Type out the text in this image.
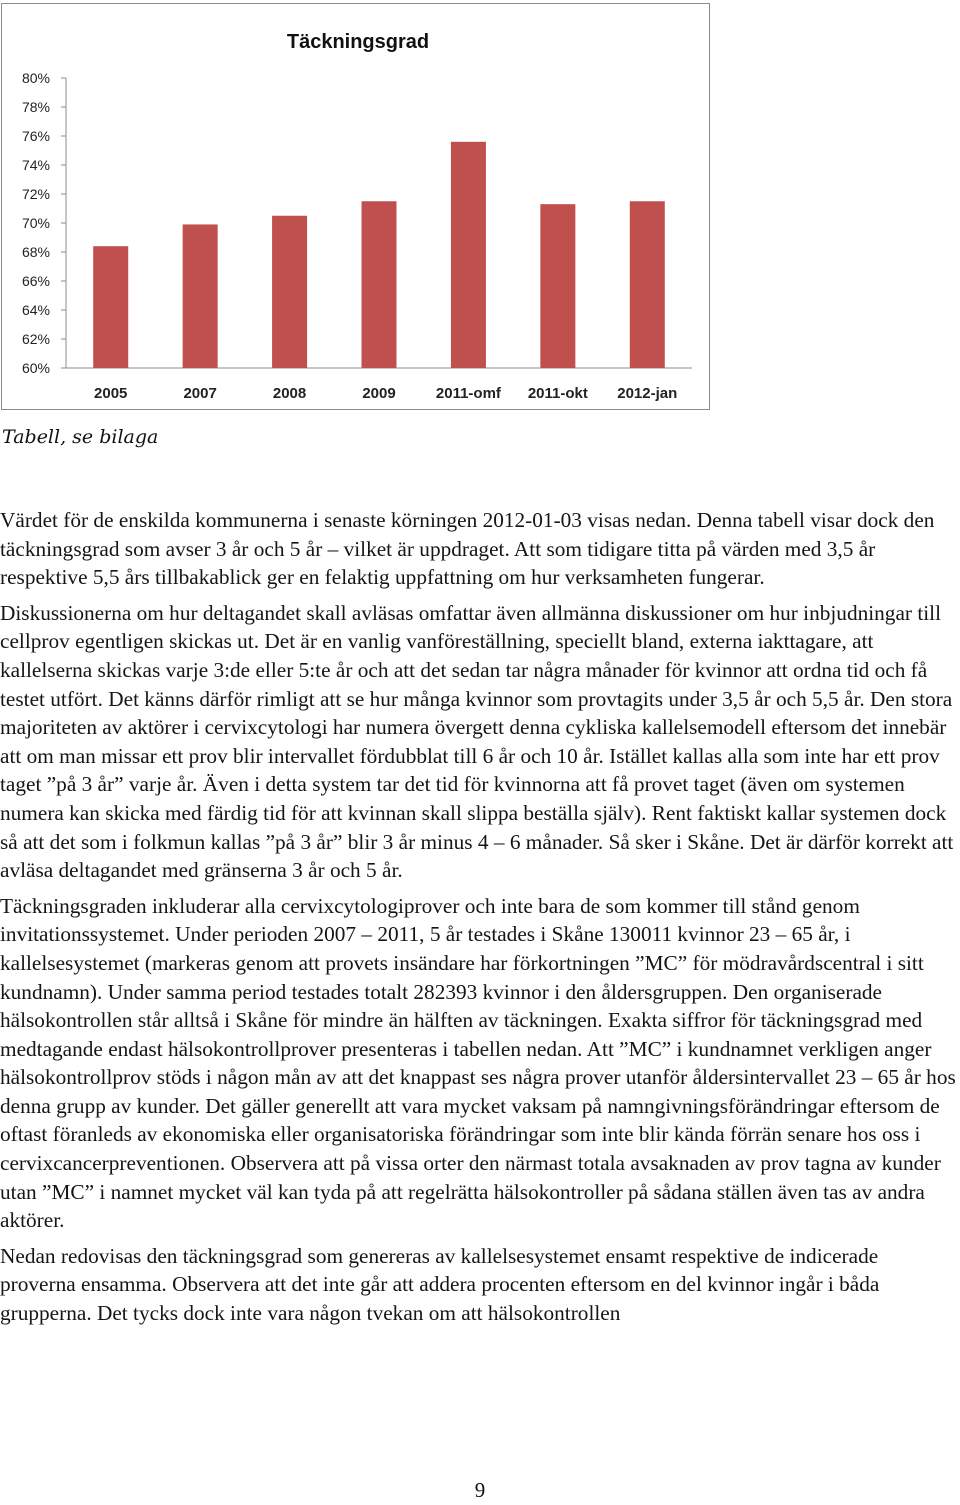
Täckningsgrad
60%
62%
64%
66%
68%
70%
72%
74%
76%
78%
80%
2005	2007	2008	2009	2011-omf 2011-okt 2012-jan
Tabell, se bilaga

Värdet för de enskilda kommunerna i senaste körningen 2012-01-03 visas nedan. Denna tabell visar dock den täckningsgrad som avser 3 år och 5 år – vilket är uppdraget. Att som tidigare titta på värden med 3,5 år respektive 5,5 års tillbakablick ger en felaktig uppfattning om hur verksamheten fungerar.

Diskussionerna om hur deltagandet skall avläsas omfattar även allmänna diskussioner om hur inbjudningar till cellprov egentligen skickas ut. Det är en vanlig vanföreställning, speciellt bland, externa iakttagare, att kallelserna skickas varje 3:de eller 5:te år och att det sedan tar några månader för kvinnor att ordna tid och få testet utfört. Det känns därför rimligt att se hur många kvinnor som provtagits under 3,5 år och 5,5 år. Den stora majoriteten av aktörer i cervixcytologi har numera övergett denna cykliska kallelsemodell eftersom det innebär att om man missar ett prov blir intervallet fördubblat till 6 år och 10 år. Istället kallas alla som inte har ett prov taget ”på 3 år” varje år. Även i detta system tar det tid för kvinnorna att få provet taget (även om systemen numera kan skicka med färdig tid för att kvinnan skall slippa beställa själv). Rent faktiskt kallar systemen dock så att det som i folkmun kallas ”på 3 år” blir 3 år minus 4 – 6 månader. Så sker i Skåne. Det är därför korrekt att avläsa deltagandet med gränserna 3 år och 5 år.

Täckningsgraden inkluderar alla cervixcytologiprover och inte bara de som kommer till stånd genom invitationssystemet. Under perioden 2007 – 2011, 5 år testades i Skåne 130011 kvinnor 23 – 65 år, i kallelsesystemet (markeras genom att provets insändare har förkortningen ”MC” för mödravårdscentral i sitt kundnamn). Under samma period testades totalt 282393 kvinnor i den åldersgruppen. Den organiserade hälsokontrollen står alltså i Skåne för mindre än hälften av täckningen. Exakta siffror för täckningsgrad med medtagande endast hälsokontrollprover presenteras i tabellen nedan. Att ”MC” i kundnamnet verkligen anger hälsokontrollprov stöds i någon mån av att det knappast ses några prover utanför åldersintervallet 23 – 65 år hos denna grupp av kunder. Det gäller generellt att vara mycket vaksam på namngivningsförändringar eftersom de oftast föranleds av ekonomiska eller organisatoriska förändringar som inte blir kända förrän senare hos oss i cervixcancerpreventionen. Observera att på vissa orter den närmast totala avsaknaden av prov tagna av kunder utan ”MC” i namnet mycket väl kan tyda på att regelrätta hälsokontroller på sådana ställen även tas av andra aktörer.

Nedan redovisas den täckningsgrad som genereras av kallelsesystemet ensamt respektive de indicerade proverna ensamma. Observera att det inte går att addera procenten eftersom en del kvinnor ingår i båda grupperna. Det tycks dock inte vara någon tvekan om att hälsokontrollen

9
